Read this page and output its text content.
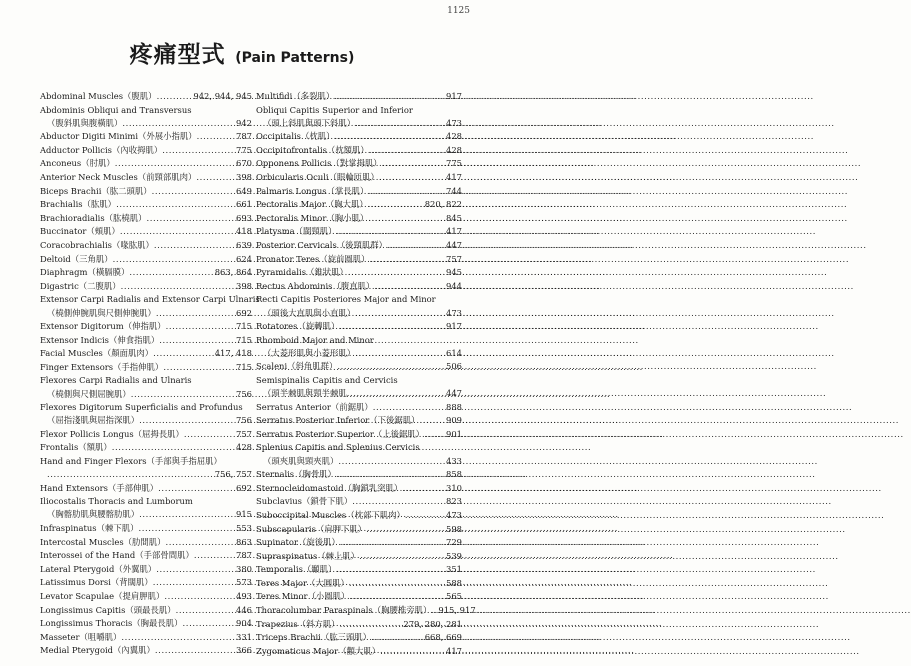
1125
疼痛型式 (Pain Patterns)
Abdominal Muscles（腹肌） .....	942, 944, 945
Abdominis Obliqui and Transversus
（腹斜肌與腹橫肌） .....	942
Abductor Digiti Minimi（外展小指肌） .....	787
Adductor Pollicis（內收拇肌） .....	775
Anconeus（肘肌） .....	670
Anterior Neck Muscles（前頸部肌肉） .....	398
Biceps Brachii（肱二頭肌） .....	649
Brachialis（肱肌） .....	661
Brachioradialis（肱橈肌） .....	693
Buccinator（頰肌） .....	418
Coracobrachialis（喙肱肌） .....	639
Deltoid（三角肌） .....	624
Diaphragm（橫膈膜） .....	863, 864
Digastric（二腹肌） .....	398
Extensor Carpi Radialis and Extensor Carpi Ulnaris
（橈側伸腕肌與尺側伸腕肌） .....	692
Extensor Digitorum（伸指肌） .....	715
Extensor Indicis（伸食指肌） .....	715
Facial Muscles（顏面肌肉） .....	417, 418
Finger Extensors（手指伸肌） .....	715
Flexores Carpi Radialis and Ulnaris
（橈側與尺側屈腕肌） .....	756
Flexores Digitorum Superficialis and Profundus
（屈指淺肌與屈指深肌） .....	756
Flexor Pollicis Longus（屈拇長肌） .....	757
Frontalis（額肌） .....	428
Hand and Finger Flexors（手部與手指屈肌）
.....
756, 757
Hand Extensors（手部伸肌） .....	692
Iliocostalis Thoracis and Lumborum
（胸髂肋肌與腰髂肋肌） .....	915
Infraspinatus（棘下肌） .....	553
Intercostal Muscles（肋間肌） .....	863
Interossei of the Hand（手部骨間肌） .....	787
Lateral Pterygoid（外翼肌） .....	380
Latissimus Dorsi（背闊肌） .....	573
Levator Scapulae（提肩胛肌） .....	493
Longissimus Capitis（頭最長肌） .....	446
Longissimus Thoracis（胸最長肌） .....	904
Masseter（咀嚼肌） .....	331
Medial Pterygoid（內翼肌） .....	366
Multifidi（多裂肌） .....	917
Obliqui Capitis Superior and Inferior
（頭上斜肌與頭下斜肌） .....	473
Occipitalis（枕肌） .....	428
Occipitofrontalis（枕額肌） .....	428
Opponens Pollicis（對掌拇肌） .....	775
Orbicularis Oculi（眼輪匝肌） .....	417
Palmaris Longus（掌長肌） .....	744
Pectoralis Major（胸大肌） .....	820, 822
Pectoralis Minor（胸小肌） .....	845
Platysma（闊頸肌） .....	417
Posterior Cervicals（後頸肌群） .....	447
Pronator Teres（旋前圓肌） .....	757
Pyramidalis（錐狀肌） .....	945
Rectus Abdominis（腹直肌） .....	944
Recti Capitis Posteriores Major and Minor
（頭後大直肌與小直肌） .....	473
Rotatores（旋轉肌） .....	917
Rhomboid Major and Minor
（大菱形肌與小菱形肌） .....	614
Scaleni（斜角肌群） .....	506
Semispinalis Capitis and Cervicis
（頭半棘肌與頸半棘肌 .....	447
Serratus Anterior（前鋸肌） .....	888
Serratus Posterior Inferior（下後鋸肌） .....	909
Serratus Posterior Superior（上後鋸肌） .....	901
Splenius Capitis and Splenius Cervicis
（頭夾肌與頸夾肌） .....	433
Sternalis（胸骨肌） .....	858
Sternocleidomastoid（胸鎖乳突肌） .....	310
Subclavius（鎖骨下肌） .....	823
Suboccipital Muscles（枕部下肌肉） .....	473
Subscapularis（肩胛下肌） .....	598
Supinator（旋後肌） .....	729
Supraspinatus（棘上肌） .....	539
Temporalis（顳肌） .....	351
Teres Major（大圓肌） .....	588
Teres Minor（小圓肌） .....	565
Thoracolumbar Paraspinals（胸腰椎旁肌） ..... 915, 917
Trapezius（斜方肌） .....	279, 280, 281
Triceps Brachii（肱三頭肌） .....	668, 669
Zygomaticus Major（顴大肌） .....	417
